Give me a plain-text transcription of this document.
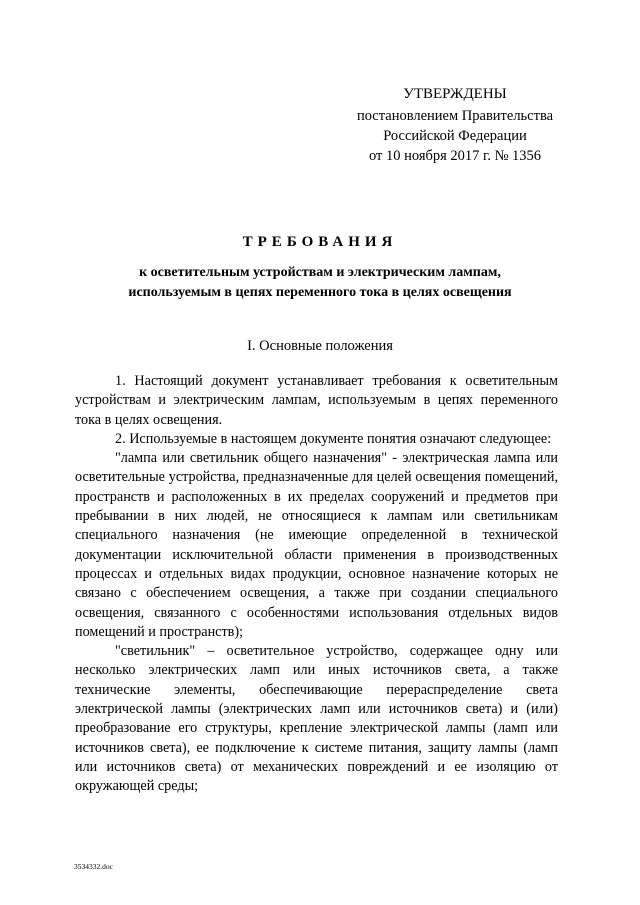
УТВЕРЖДЕНЫ
постановлением Правительства
Российской Федерации
от 10 ноября 2017 г. № 1356
ТРЕБОВАНИЯ
к осветительным устройствам и электрическим лампам,
используемым в цепях переменного тока в целях освещения
I. Основные положения

1. Настоящий документ устанавливает требования к осветительным устройствам и электрическим лампам, используемым в цепях переменного тока в целях освещения.

2. Используемые в настоящем документе понятия означают следующее:

"лампа или светильник общего назначения" - электрическая лампа или осветительные устройства, предназначенные для целей освещения помещений, пространств и расположенных в их пределах сооружений и предметов при пребывании в них людей, не относящиеся к лампам или светильникам специального назначения (не имеющие определенной в технической документации исключительной области применения в производственных процессах и отдельных видах продукции, основное назначение которых не связано с обеспечением освещения, а также при создании специального освещения, связанного с особенностями использования отдельных видов помещений и пространств);

"светильник" – осветительное устройство, содержащее одну или несколько электрических ламп или иных источников света, а также технические элементы, обеспечивающие перераспределение света электрической лампы (электрических ламп или источников света) и (или) преобразование его структуры, крепление электрической лампы (ламп или источников света), ее подключение к системе питания, защиту лампы (ламп или источников света) от механических повреждений и ее изоляцию от окружающей среды;

3534332.doc
